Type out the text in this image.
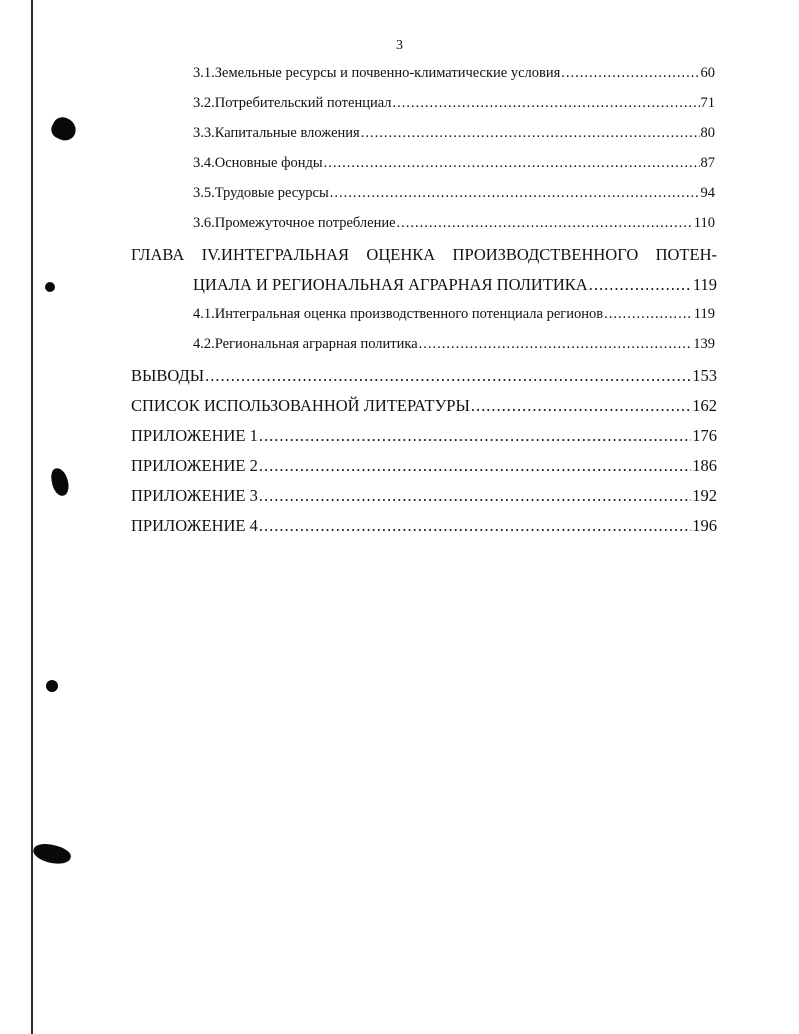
3
3.1.Земельные ресурсы и почвенно-климатические условия .....	60
3.2.Потребительский потенциал .....	71
3.3.Капитальные вложения .....	80
3.4.Основные фонды .....	87
3.5.Трудовые ресурсы .....	94
3.6.Промежуточное потребление .....	110
ГЛАВА IV.ИНТЕГРАЛЬНАЯ ОЦЕНКА ПРОИЗВОДСТВЕННОГО ПОТЕН-
ЦИАЛА И РЕГИОНАЛЬНАЯ АГРАРНАЯ ПОЛИТИКА .....	119
4.1.Интегральная оценка производственного потенциала регионов .....	119
4.2.Региональная аграрная политика .....	139
ВЫВОДЫ .....	153
СПИСОК ИСПОЛЬЗОВАННОЙ ЛИТЕРАТУРЫ .....	162
ПРИЛОЖЕНИЕ 1 .....	176
ПРИЛОЖЕНИЕ 2 .....	186
ПРИЛОЖЕНИЕ 3 .....	192
ПРИЛОЖЕНИЕ 4 .....	196
